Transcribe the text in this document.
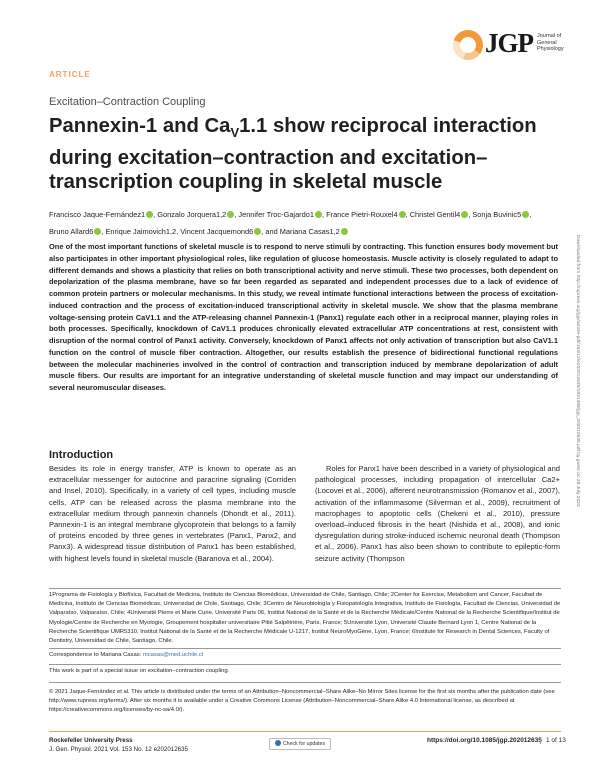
JGP Journal of General Physiology
ARTICLE
Excitation–Contraction Coupling
Pannexin-1 and $Ca_V1.1$ show reciprocal interaction during excitation–contraction and excitation–transcription coupling in skeletal muscle
Francisco Jaque-Fernández1 , Gonzalo Jorquera1,2 , Jennifer Troc-Gajardo1 , France Pietri-Rouxel4 , Christel Gentil4 , Sonja Buvinic5 ,
Bruno Allard6 , Enrique Jaimovich1,2, Vincent Jacquemond6 , and Mariana Casas1,2

One of the most important functions of skeletal muscle is to respond to nerve stimuli by contracting. This function ensures body movement but also participates in other important physiological roles, like regulation of glucose homeostasis. Muscle activity is closely regulated to adapt to different demands and shows a plasticity that relies on both transcriptional activity and nerve stimuli. These two processes, both dependent on depolarization of the plasma membrane, have so far been regarded as separated and independent processes due to a lack of evidence of common protein partners or molecular mechanisms. In this study, we reveal intimate functional interactions between the process of excitation-induced contraction and the process of excitation-induced transcriptional activity in skeletal muscle. We show that the plasma membrane voltage-sensing protein CaV1.1 and the ATP-releasing channel Pannexin-1 (Panx1) regulate each other in a reciprocal manner, playing roles in both processes. Specifically, knockdown of CaV1.1 produces chronically elevated extracellular ATP concentrations at rest, consistent with disruption of the normal control of Panx1 activity. Conversely, knockdown of Panx1 affects not only activation of transcription but also CaV1.1 function on the control of muscle fiber contraction. Altogether, our results establish the presence of bidirectional functional regulations between the molecular machineries involved in the control of contraction and transcription induced by membrane depolarization of adult muscle fibers. Our results are important for an integrative understanding of skeletal muscle function and may impact our understanding of several neuromuscular diseases.	Downloaded from http://rupress.org/jgp/article-pdf/153/12/e202012635/1831389/jgp_202012635.pdf by guest on 28 July 2023
Introduction

Besides its role in energy transfer, ATP is known to operate as an extracellular messenger for autocrine and paracrine signaling (Corriden and Insel, 2010). Specifically, in a variety of cell types, including muscle cells, ATP can be released across the plasma membrane into the extracellular medium through pannexin channels (Dhondt et al., 2011). Pannexin-1 is an integral membrane glycoprotein that belongs to a family of proteins encoded by three genes in vertebrates (Panx1, Panx2, and Panx3). A widespread tissue distribution of Panx1 has been established, with highest levels found in skeletal muscle (Baranova et al., 2004).

Roles for Panx1 have been described in a variety of physiological and pathological processes, including propagation of intercellular Ca2+ (Locovei et al., 2006), afferent neurotransmission (Romanov et al., 2007), activation of the inflammasome (Silverman et al., 2009), recruitment of macrophages to apoptotic cells (Chekeni et al., 2010), pressure overload–induced fibrosis in the heart (Nishida et al., 2008), and ionic dysregulation during stroke-induced ischemic neuronal death (Thompson et al., 2006). Panx1 has also been shown to contribute to epileptic-form seizure activity (Thompson

1Programa de Fisiología y Biofísica, Facultad de Medicina, Instituto de Ciencias Biomédicas, Universidad de Chile, Santiago, Chile; 2Center for Exercise, Metabolism and Cancer, Facultad de Medicina, Instituto de Ciencias Biomédicas, Universidad de Chile, Santiago, Chile; 3Centro de Neurobiología y Fisiopatología Integrativa, Instituto de Fisiología, Facultad de Ciencias, Universidad de Valparaíso, Valparaíso, Chile; 4Université Pierre et Marie Curie, Université Paris 06, Institut National de la Santé et de la Recherche Médicale/Centre National de la Recherche Scientifique/Institut de Myologie/Centre de Recherche en Myologie, Groupement hospitalier universitaire Pitié Salpêtrière, Paris, France; 5Université Lyon, Université Claude Bernard Lyon 1, Centre National de la Recherche Scientifique UMR5310, Institut National de la Santé et de la Recherche Médicale U-1217, Institut NeuroMyoGène, Lyon, France; 6Institute for Research in Dental Sciences, Faculty of Dentistry, Universidad de Chile, Santiago, Chile.

Correspondence to Mariana Casas: mcasas@med.uchile.cl
This work is part of a special issue on excitation–contraction coupling.

© 2021 Jaque-Fernández et al. This article is distributed under the terms of an Attribution–Noncommercial–Share Alike–No Mirror Sites license for the first six months after the publication date (see http://www.rupress.org/terms/). After six months it is available under a Creative Commons License (Attribution–Noncommercial–Share Alike 4.0 International license, as described at https://creativecommons.org/licenses/by-nc-sa/4.0/).

Rockefeller University Press
J. Gen. Physiol. 2021 Vol. 153 No. 12 e202012635
Check for updates	https://doi.org/10.1085/jgp.202012635 1 of 13
